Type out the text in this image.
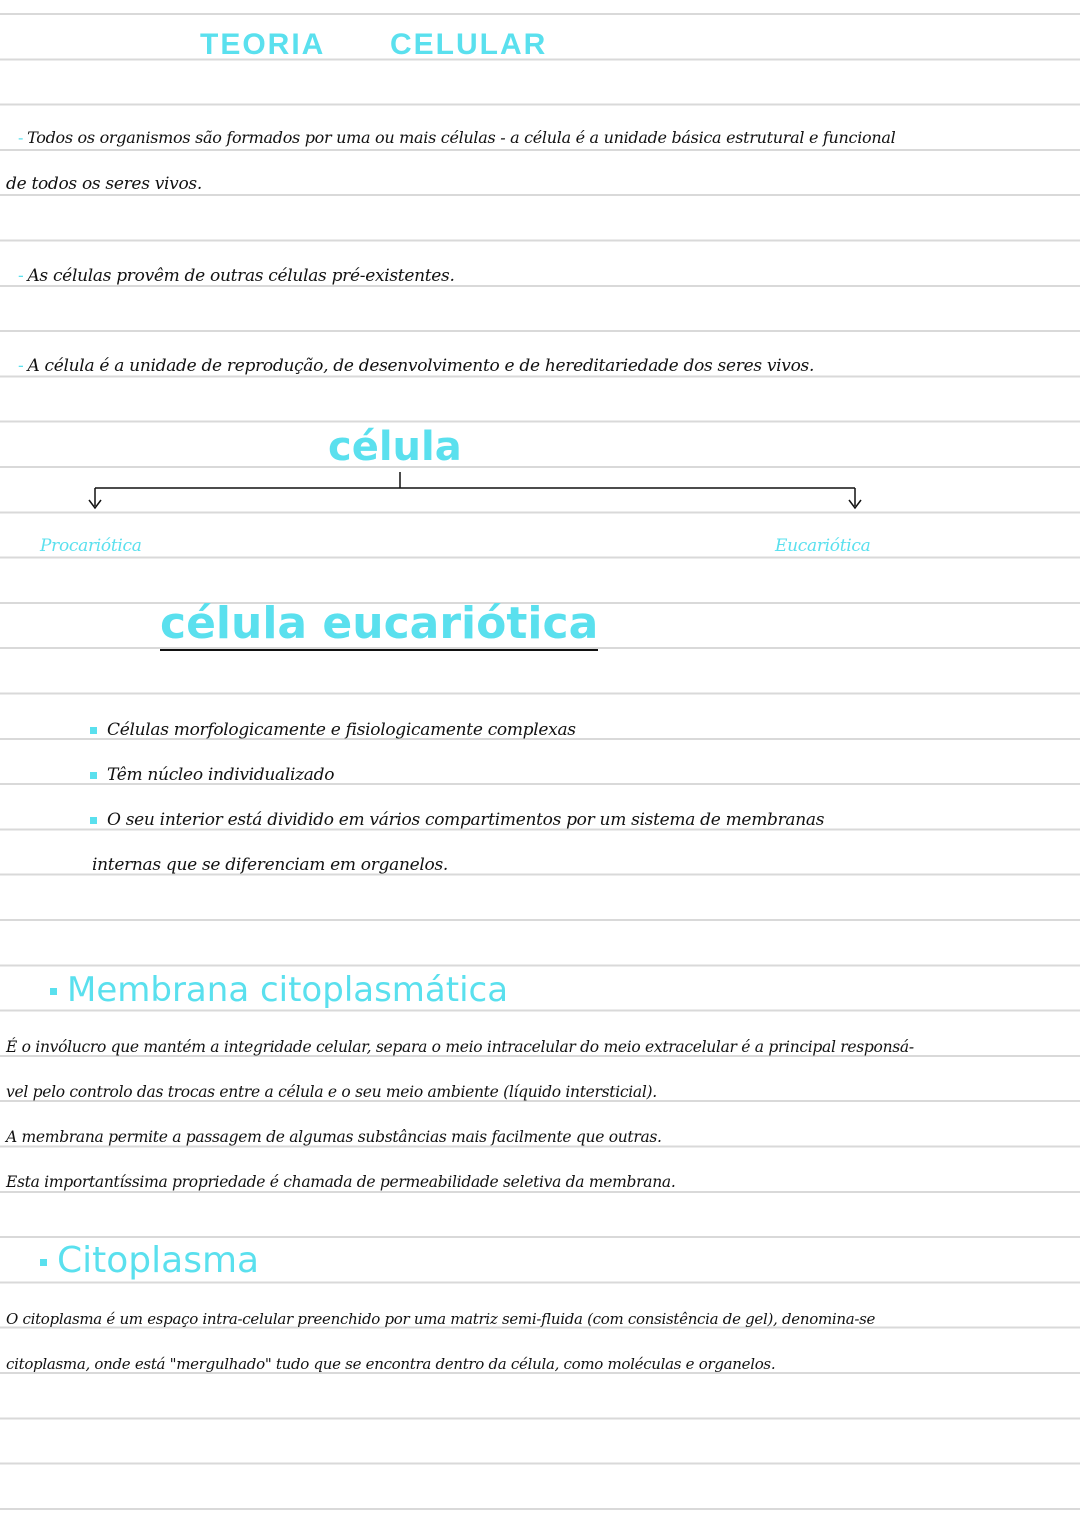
TEORIA CELULAR
- Todos os organismos são formados por uma ou mais células - a célula é a unidade básica estrutural e funcional
de todos os seres vivos.
- As células provêm de outras células pré-existentes.
- A célula é a unidade de reprodução, de desenvolvimento e de hereditariedade dos seres vivos.
célula
Procariótica	Eucariótica
célula eucariótica
Células morfologicamente e fisiologicamente complexas
Têm núcleo individualizado
O seu interior está dividido em vários compartimentos por um sistema de membranas
internas que se diferenciam em organelos.
Membrana citoplasmática
É o invólucro que mantém a integridade celular, separa o meio intracelular do meio extracelular é a principal responsá-
vel pelo controlo das trocas entre a célula e o seu meio ambiente (líquido intersticial).
A membrana permite a passagem de algumas substâncias mais facilmente que outras.
Esta importantíssima propriedade é chamada de permeabilidade seletiva da membrana.
Citoplasma
O citoplasma é um espaço intra-celular preenchido por uma matriz semi-fluida (com consistência de gel), denomina-se
citoplasma, onde está "mergulhado" tudo que se encontra dentro da célula, como moléculas e organelos.
